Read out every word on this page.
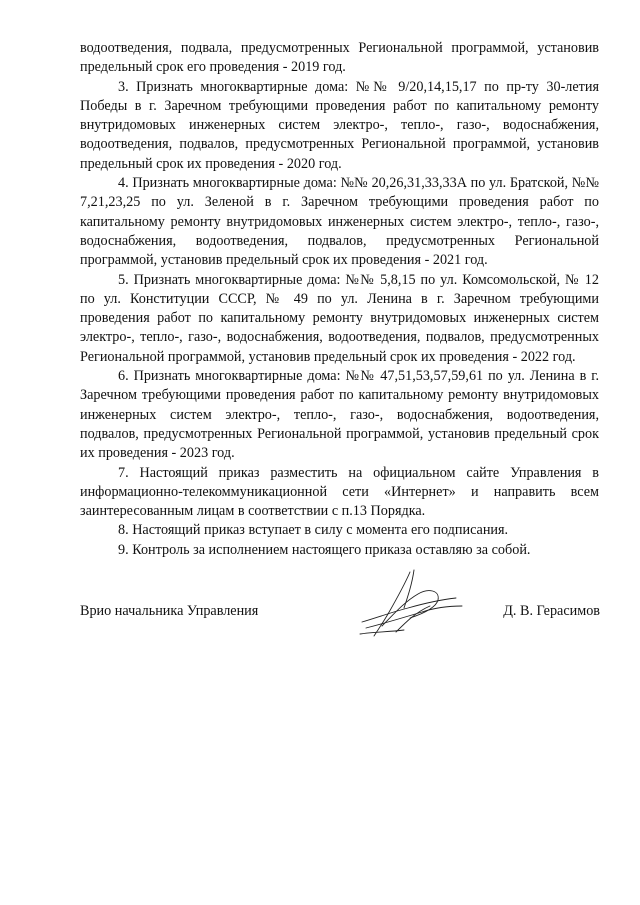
водоотведения, подвала, предусмотренных Региональной программой, установив предельный срок его проведения - 2019 год.

3. Признать многоквартирные дома: №№ 9/20,14,15,17 по пр-ту 30-летия Победы в г. Заречном требующими проведения работ по капитальному ремонту внутридомовых инженерных систем электро-, тепло-, газо-, водоснабжения, водоотведения, подвалов, предусмотренных Региональной программой, установив предельный срок их проведения - 2020 год.

4. Признать многоквартирные дома: №№ 20,26,31,33,33А по ул. Братской, №№ 7,21,23,25 по ул. Зеленой в г. Заречном требующими проведения работ по капитальному ремонту внутридомовых инженерных систем электро-, тепло-, газо-, водоснабжения, водоотведения, подвалов, предусмотренных Региональной программой, установив предельный срок их проведения - 2021 год.

5. Признать многоквартирные дома: №№ 5,8,15 по ул. Комсомольской, № 12 по ул. Конституции СССР, № 49 по ул. Ленина в г. Заречном требующими проведения работ по капитальному ремонту внутридомовых инженерных систем электро-, тепло-, газо-, водоснабжения, водоотведения, подвалов, предусмотренных Региональной программой, установив предельный срок их проведения - 2022 год.

6. Признать многоквартирные дома: №№ 47,51,53,57,59,61 по ул. Ленина в г. Заречном требующими проведения работ по капитальному ремонту внутридомовых инженерных систем электро-, тепло-, газо-, водоснабжения, водоотведения, подвалов, предусмотренных Региональной программой, установив предельный срок их проведения - 2023 год.

7. Настоящий приказ разместить на официальном сайте Управления в информационно-телекоммуникационной сети «Интернет» и направить всем заинтересованным лицам в соответствии с п.13 Порядка.

8. Настоящий приказ вступает в силу с момента его подписания.

9. Контроль за исполнением настоящего приказа оставляю за собой.

Врио начальника Управления	Д. В. Герасимов
